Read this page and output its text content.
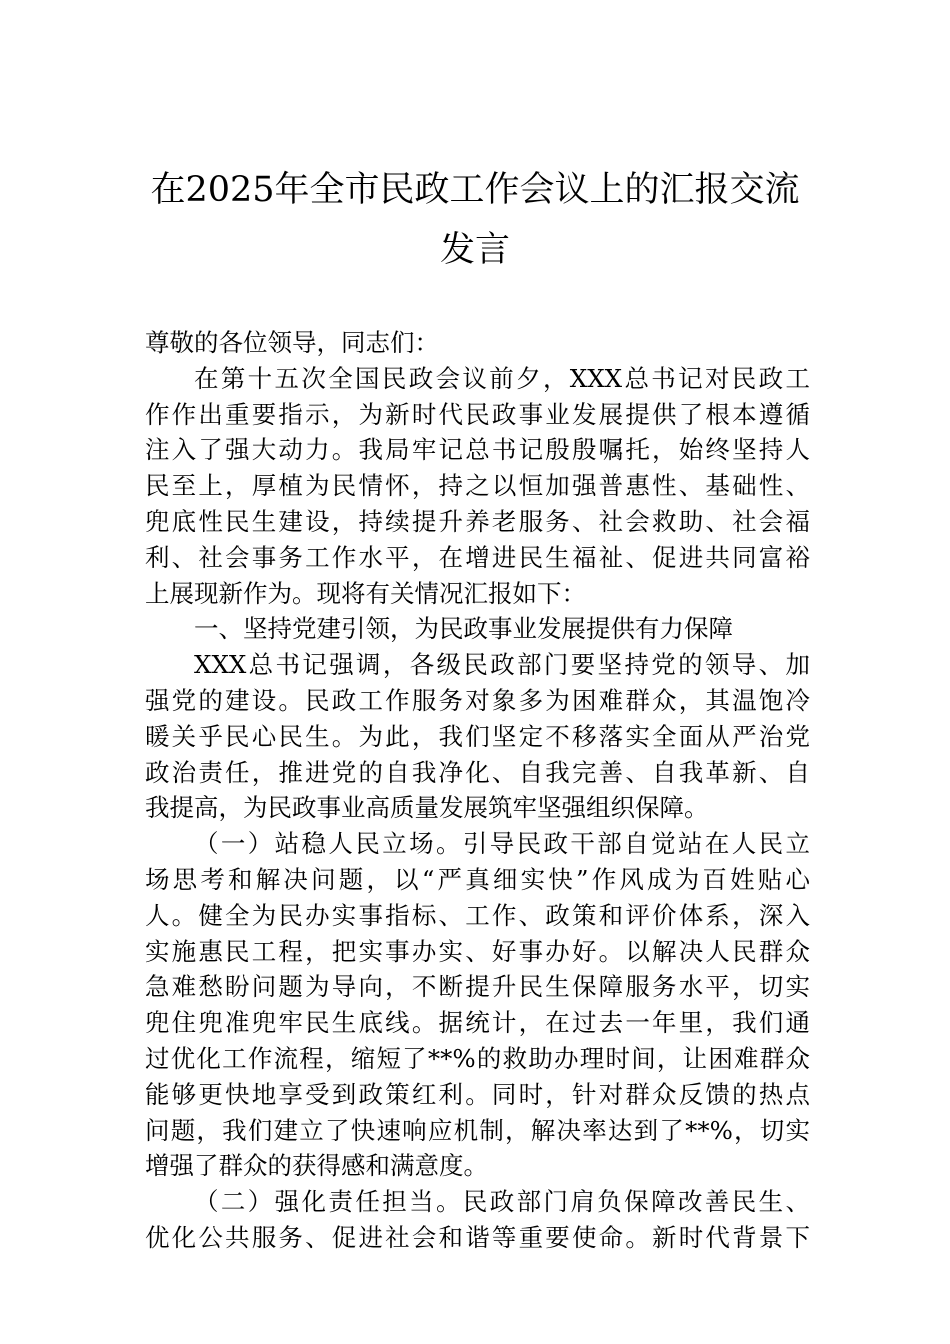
在2025年全市民政工作会议上的汇报交流
发言
尊敬的各位领导，同志们：
在第十五次全国民政会议前夕，XXX总书记对民政工
作作出重要指示，为新时代民政事业发展提供了根本遵循
注入了强大动力。我局牢记总书记殷殷嘱托，始终坚持人
民至上，厚植为民情怀，持之以恒加强普惠性、基础性、
兜底性民生建设，持续提升养老服务、社会救助、社会福
利、社会事务工作水平，在增进民生福祉、促进共同富裕
上展现新作为。现将有关情况汇报如下：
一、坚持党建引领，为民政事业发展提供有力保障
XXX总书记强调，各级民政部门要坚持党的领导、加
强党的建设。民政工作服务对象多为困难群众，其温饱冷
暖关乎民心民生。为此，我们坚定不移落实全面从严治党
政治责任，推进党的自我净化、自我完善、自我革新、自
我提高，为民政事业高质量发展筑牢坚强组织保障。
（一）站稳人民立场。引导民政干部自觉站在人民立
场思考和解决问题，以“严真细实快”作风成为百姓贴心
人。健全为民办实事指标、工作、政策和评价体系，深入
实施惠民工程，把实事办实、好事办好。以解决人民群众
急难愁盼问题为导向，不断提升民生保障服务水平，切实
兜住兜准兜牢民生底线。据统计，在过去一年里，我们通
过优化工作流程，缩短了**%的救助办理时间，让困难群众
能够更快地享受到政策红利。同时，针对群众反馈的热点
问题，我们建立了快速响应机制，解决率达到了**%，切实
增强了群众的获得感和满意度。
（二）强化责任担当。民政部门肩负保障改善民生、
优化公共服务、促进社会和谐等重要使命。新时代背景下
